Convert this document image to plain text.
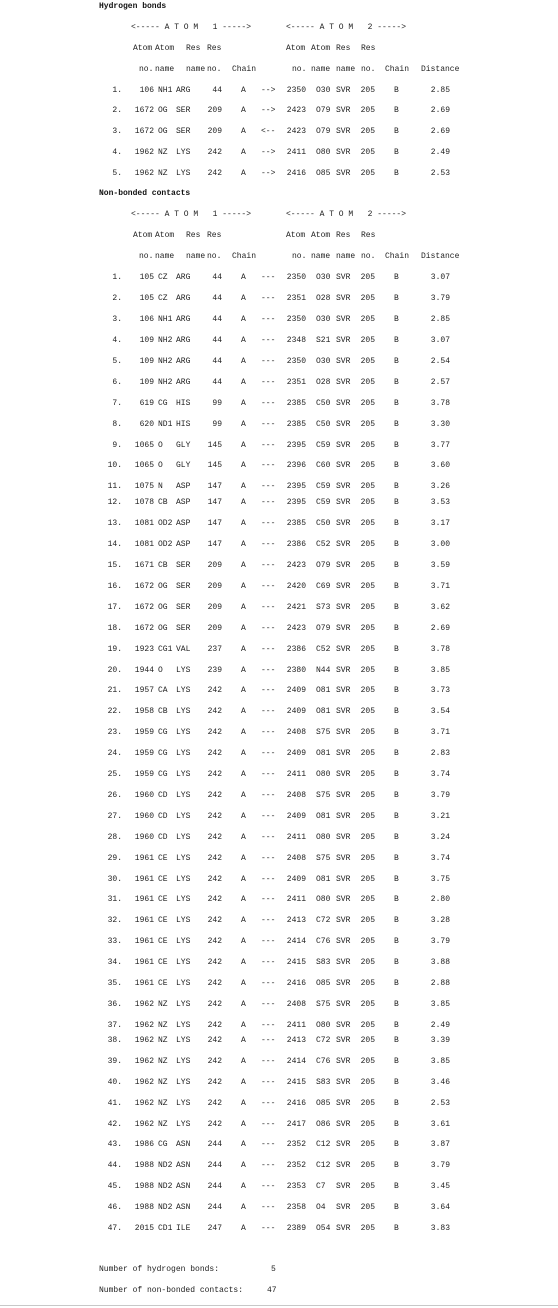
Hydrogen bonds
<----- A T O M   1 ----->	<----- A T O M   2 ----->
Atom Atom Res Res	Atom Atom Res Res
no. name name no. Chain	no. name name no. Chain Distance
1. 106 NH1 ARG	44 A --> 2350 O30 SVR 205 B	2.85
2. 1672 OG SER 209 A --> 2423 O79 SVR 205 B	2.69
3. 1672 OG SER 209 A <-- 2423 O79 SVR 205 B	2.69
4. 1962 NZ LYS 242 A --> 2411 O80 SVR 205 B	2.49
5. 1962 NZ LYS 242 A --> 2416 O85 SVR 205 B	2.53
Non-bonded contacts
<----- A T O M   1 ----->	<----- A T O M   2 ----->
Atom Atom Res Res	Atom Atom Res Res
no. name name no. Chain	no. name name no. Chain Distance
1. 105 CZ ARG	44 A --- 2350 O30 SVR 205 B	3.07
2. 105 CZ ARG	44 A --- 2351 O28 SVR 205 B	3.79
3. 106 NH1 ARG	44 A --- 2350 O30 SVR 205 B	2.85
4. 109 NH2 ARG	44 A --- 2348 S21 SVR 205 B	3.07
5. 109 NH2 ARG	44 A --- 2350 O30 SVR 205 B	2.54
6. 109 NH2 ARG	44 A --- 2351 O28 SVR 205 B	2.57
7. 619 CG HIS	99 A --- 2385 C50 SVR 205 B	3.78
8. 620 ND1 HIS	99 A --- 2385 C50 SVR 205 B	3.30
9. 1065 O GLY 145 A --- 2395 C59 SVR 205 B	3.77
10. 1065 O GLY 145 A --- 2396 C60 SVR 205 B	3.60
11. 1075 N ASP 147 A --- 2395 C59 SVR 205 B	3.26
12. 1078 CB ASP 147 A --- 2395 C59 SVR 205 B	3.53
13. 1081 OD2 ASP 147 A --- 2385 C50 SVR 205 B	3.17
14. 1081 OD2 ASP 147 A --- 2386 C52 SVR 205 B	3.00
15. 1671 CB SER 209 A --- 2423 O79 SVR 205 B	3.59
16. 1672 OG SER 209 A --- 2420 C69 SVR 205 B	3.71
17. 1672 OG SER 209 A --- 2421 S73 SVR 205 B	3.62
18. 1672 OG SER 209 A --- 2423 O79 SVR 205 B	2.69
19. 1923 CG1 VAL 237 A --- 2386 C52 SVR 205 B	3.78
20. 1944 O LYS 239 A --- 2380 N44 SVR 205 B	3.85
21. 1957 CA LYS 242 A --- 2409 O81 SVR 205 B	3.73
22. 1958 CB LYS 242 A --- 2409 O81 SVR 205 B	3.54
23. 1959 CG LYS 242 A --- 2408 S75 SVR 205 B	3.71
24. 1959 CG LYS 242 A --- 2409 O81 SVR 205 B	2.83
25. 1959 CG LYS 242 A --- 2411 O80 SVR 205 B	3.74
26. 1960 CD LYS 242 A --- 2408 S75 SVR 205 B	3.79
27. 1960 CD LYS 242 A --- 2409 O81 SVR 205 B	3.21
28. 1960 CD LYS 242 A --- 2411 O80 SVR 205 B	3.24
29. 1961 CE LYS 242 A --- 2408 S75 SVR 205 B	3.74
30. 1961 CE LYS 242 A --- 2409 O81 SVR 205 B	3.75
31. 1961 CE LYS 242 A --- 2411 O80 SVR 205 B	2.80
32. 1961 CE LYS 242 A --- 2413 C72 SVR 205 B	3.28
33. 1961 CE LYS 242 A --- 2414 C76 SVR 205 B	3.79
34. 1961 CE LYS 242 A --- 2415 S83 SVR 205 B	3.88
35. 1961 CE LYS 242 A --- 2416 O85 SVR 205 B	2.88
36. 1962 NZ LYS 242 A --- 2408 S75 SVR 205 B	3.85
37. 1962 NZ LYS 242 A --- 2411 O80 SVR 205 B	2.49
38. 1962 NZ LYS 242 A --- 2413 C72 SVR 205 B	3.39
39. 1962 NZ LYS 242 A --- 2414 C76 SVR 205 B	3.85
40. 1962 NZ LYS 242 A --- 2415 S83 SVR 205 B	3.46
41. 1962 NZ LYS 242 A --- 2416 O85 SVR 205 B	2.53
42. 1962 NZ LYS 242 A --- 2417 O86 SVR 205 B	3.61
43. 1986 CG ASN 244 A --- 2352 C12 SVR 205 B	3.87
44. 1988 ND2 ASN 244 A --- 2352 C12 SVR 205 B	3.79
45. 1988 ND2 ASN 244 A --- 2353 C7 SVR 205 B	3.45
46. 1988 ND2 ASN 244 A --- 2358 O4 SVR 205 B	3.64
47. 2015 CD1 ILE 247 A --- 2389 O54 SVR 205 B	3.83
Number of hydrogen bonds:	5
Number of non-bonded contacts:	47
